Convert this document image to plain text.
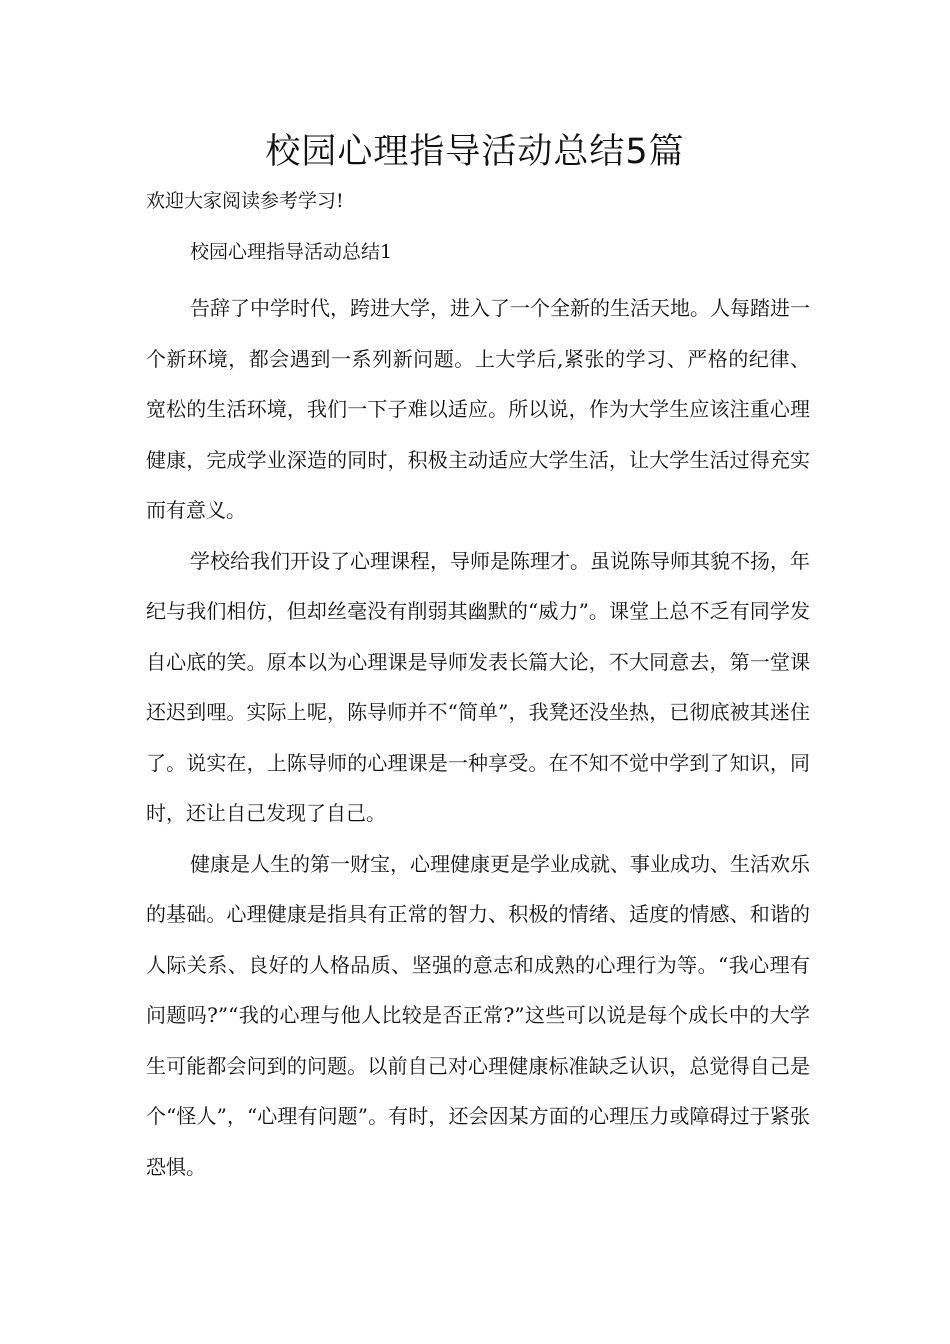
校园心理指导活动总结5篇

欢迎大家阅读参考学习!

校园心理指导活动总结1

告辞了中学时代，跨进大学，进入了一个全新的生活天地。人每踏进一个新环境，都会遇到一系列新问题。上大学后,紧张的学习、严格的纪律、宽松的生活环境，我们一下子难以适应。所以说，作为大学生应该注重心理健康，完成学业深造的同时，积极主动适应大学生活，让大学生活过得充实而有意义。

学校给我们开设了心理课程，导师是陈理才。虽说陈导师其貌不扬，年纪与我们相仿，但却丝毫没有削弱其幽默的“威力”。课堂上总不乏有同学发自心底的笑。原本以为心理课是导师发表长篇大论，不大同意去，第一堂课还迟到哩。实际上呢，陈导师并不“简单”，我凳还没坐热，已彻底被其迷住了。说实在，上陈导师的心理课是一种享受。在不知不觉中学到了知识，同时，还让自己发现了自己。

健康是人生的第一财宝，心理健康更是学业成就、事业成功、生活欢乐的基础。心理健康是指具有正常的智力、积极的情绪、适度的情感、和谐的人际关系、良好的人格品质、坚强的意志和成熟的心理行为等。“我心理有问题吗?”“我的心理与他人比较是否正常?”这些可以说是每个成长中的大学生可能都会问到的问题。以前自己对心理健康标准缺乏认识，总觉得自己是个“怪人”，“心理有问题”。有时，还会因某方面的心理压力或障碍过于紧张恐惧。
